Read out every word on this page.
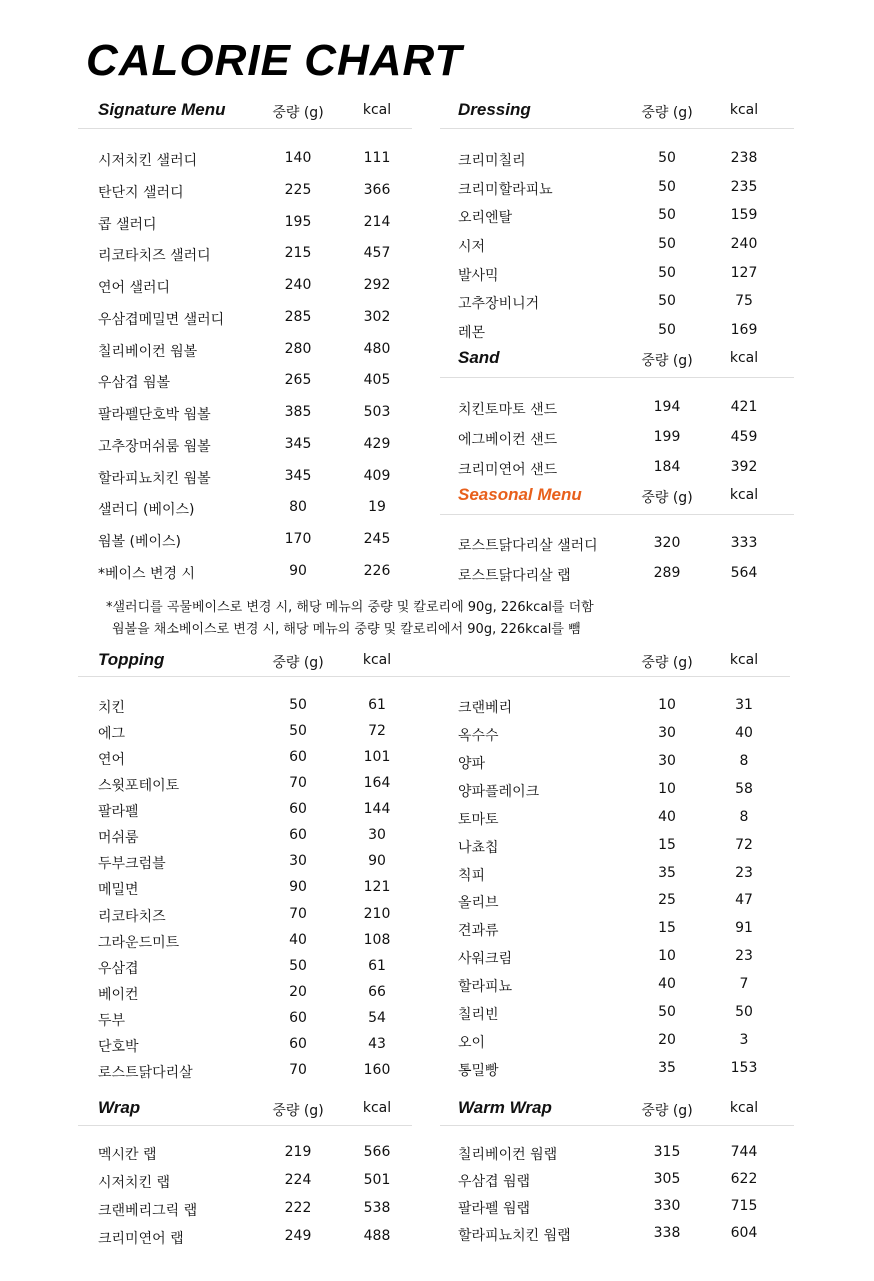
CALORIE CHART
Signature Menu	중량 (g)	kcal
시저치킨 샐러디	140	111
탄단지 샐러디	225	366
콥 샐러디	195	214
리코타치즈 샐러디	215	457
연어 샐러디	240	292
우삼겹메밀면 샐러디	285	302
칠리베이컨 웜볼	280	480
우삼겹 웜볼	265	405
팔라펠단호박 웜볼	385	503
고추장머쉬룸 웜볼	345	429
할라피뇨치킨 웜볼	345	409
샐러디 (베이스)	80	19
웜볼 (베이스)	170	245
*베이스 변경 시	90	226
Dressing	중량 (g)	kcal
크리미칠리	50	238
크리미할라피뇨	50	235
오리엔탈	50	159
시저	50	240
발사믹	50	127
고추장비니거	50	75
레몬	50	169
Sand	중량 (g)	kcal
치킨토마토 샌드	194	421
에그베이컨 샌드	199	459
크리미연어 샌드	184	392
Seasonal Menu	중량 (g)	kcal
로스트닭다리살 샐러디	320	333
로스트닭다리살 랩	289	564
Topping	중량 (g)	kcal
치킨	50	61
에그	50	72
연어	60	101
스윗포테이토	70	164
팔라펠	60	144
머쉬룸	60	30
두부크럼블	30	90
메밀면	90	121
리코타치즈	70	210
그라운드미트	40	108
우삼겹	50	61
베이컨	20	66
두부	60	54
단호박	60	43
로스트닭다리살	70	160
중량 (g)	kcal
크랜베리	10	31
옥수수	30	40
양파	30	8
양파플레이크	10	58
토마토	40	8
나쵸칩	15	72
칙피	35	23
올리브	25	47
견과류	15	91
사워크림	10	23
할라피뇨	40	7
칠리빈	50	50
오이	20	3
통밀빵	35	153
Wrap	중량 (g)	kcal
멕시칸 랩	219	566
시저치킨 랩	224	501
크랜베리그릭 랩	222	538
크리미연어 랩	249	488
Warm Wrap	중량 (g)	kcal
칠리베이컨 웜랩	315	744
우삼겹 웜랩	305	622
팔라펠 웜랩	330	715
할라피뇨치킨 웜랩	338	604
*샐러디를 곡물베이스로 변경 시, 해당 메뉴의 중량 및 칼로리에 90g, 226kcal를 더함
웜볼을 채소베이스로 변경 시, 해당 메뉴의 중량 및 칼로리에서 90g, 226kcal를 뺌
